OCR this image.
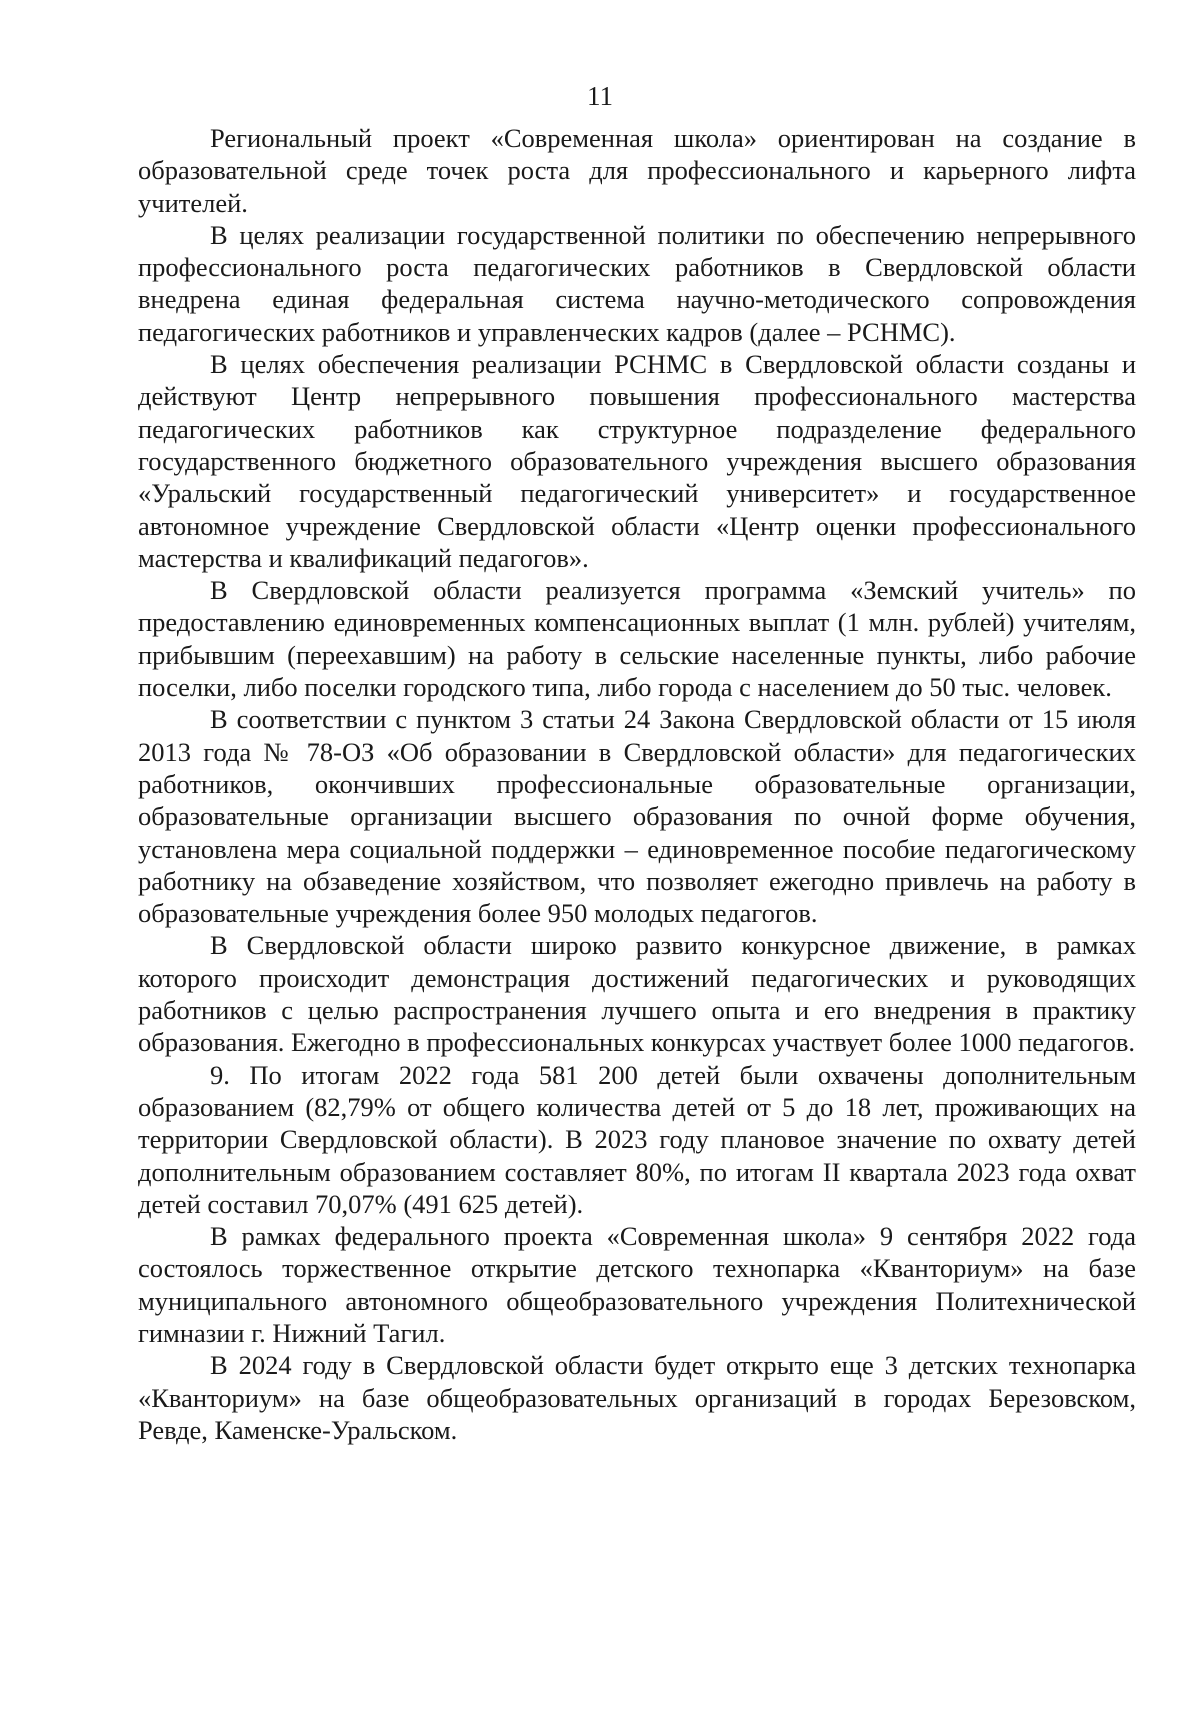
11

Региональный проект «Современная школа» ориентирован на создание в образовательной среде точек роста для профессионального и карьерного лифта учителей.

В целях реализации государственной политики по обеспечению непрерывного профессионального роста педагогических работников в Свердловской области внедрена единая федеральная система научно-методического сопровождения педагогических работников и управленческих кадров (далее – РСНМС).

В целях обеспечения реализации РСНМС в Свердловской области созданы и действуют Центр непрерывного повышения профессионального мастерства педагогических работников как структурное подразделение федерального государственного бюджетного образовательного учреждения высшего образования «Уральский государственный педагогический университет» и государственное автономное учреждение Свердловской области «Центр оценки профессионального мастерства и квалификаций педагогов».

В Свердловской области реализуется программа «Земский учитель» по предоставлению единовременных компенсационных выплат (1 млн. рублей) учителям, прибывшим (переехавшим) на работу в сельские населенные пункты, либо рабочие поселки, либо поселки городского типа, либо города с населением до 50 тыс. человек.

В соответствии с пунктом 3 статьи 24 Закона Свердловской области от 15 июля 2013 года № 78-ОЗ «Об образовании в Свердловской области» для педагогических работников, окончивших профессиональные образовательные организации, образовательные организации высшего образования по очной форме обучения, установлена мера социальной поддержки – единовременное пособие педагогическому работнику на обзаведение хозяйством, что позволяет ежегодно привлечь на работу в образовательные учреждения более 950 молодых педагогов.

В Свердловской области широко развито конкурсное движение, в рамках которого происходит демонстрация достижений педагогических и руководящих работников с целью распространения лучшего опыта и его внедрения в практику образования. Ежегодно в профессиональных конкурсах участвует более 1000 педагогов.

9. По итогам 2022 года 581 200 детей были охвачены дополнительным образованием (82,79% от общего количества детей от 5 до 18 лет, проживающих на территории Свердловской области). В 2023 году плановое значение по охвату детей дополнительным образованием составляет 80%, по итогам II квартала 2023 года охват детей составил 70,07% (491 625 детей).

В рамках федерального проекта «Современная школа» 9 сентября 2022 года состоялось торжественное открытие детского технопарка «Кванториум» на базе муниципального автономного общеобразовательного учреждения Политехнической гимназии г. Нижний Тагил.

В 2024 году в Свердловской области будет открыто еще 3 детских технопарка «Кванториум» на базе общеобразовательных организаций в городах Березовском, Ревде, Каменске-Уральском.
